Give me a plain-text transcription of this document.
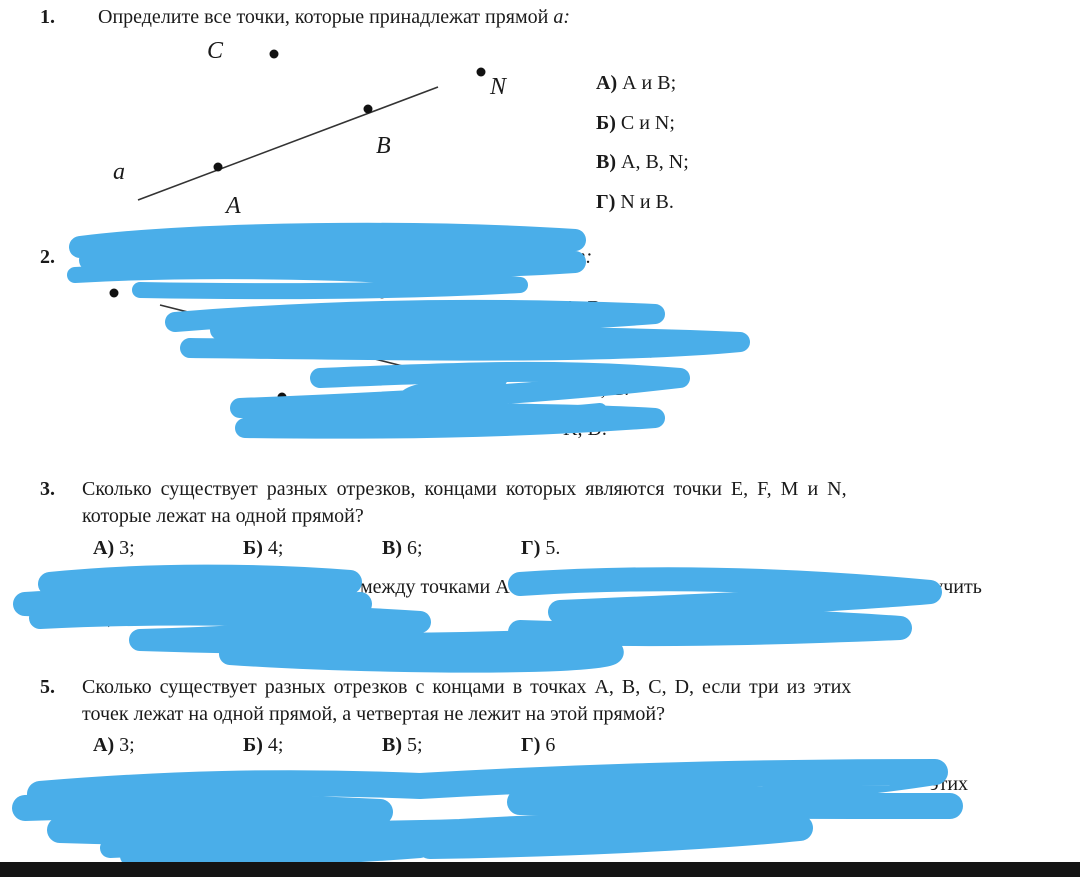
1. Определите все точки, которые принадлежат прямой a:
C
N
B
a
A
А) А и В;
Б) C и N;
В) A, B, N;
Г) N и B.
2. Укажите все	лежат прямой m:
A, B;
A, B, K, D;
A, B, C.
K, D.
3. Сколько существует разных отрезков, концами которых являются точки E, F, M и N,
которые лежат на одной прямой?
А) 3;	Б) 4;	В) 6;	Г) 5.
между точками A и B	AB получить
А)
5.
5. Сколько существует разных отрезков с концами в точках A, B, C, D, если три из этих
точек лежат на одной прямой, а четвертая не лежит на этой прямой?
А) 3;	Б) 4;	В) 5;	Г) 6
существует разных отр	этих
В)	Г) 5.
